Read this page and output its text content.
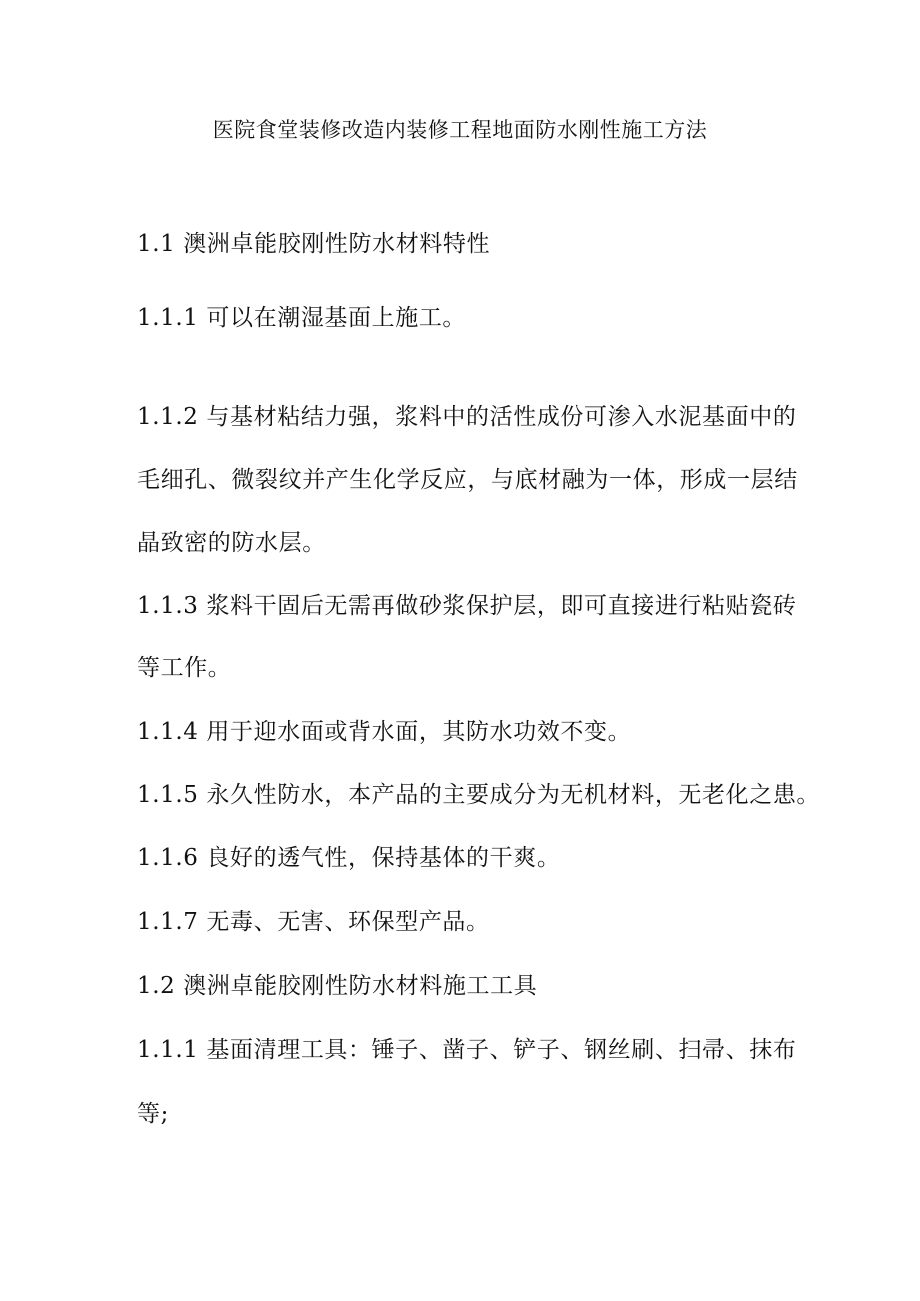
医院食堂装修改造内装修工程地面防水刚性施工方法
1.1 澳洲卓能胶刚性防水材料特性
1.1.1 可以在潮湿基面上施工。
1.1.2 与基材粘结力强，浆料中的活性成份可渗入水泥基面中的
毛细孔、微裂纹并产生化学反应，与底材融为一体，形成一层结
晶致密的防水层。
1.1.3 浆料干固后无需再做砂浆保护层，即可直接进行粘贴瓷砖
等工作。
1.1.4 用于迎水面或背水面，其防水功效不变。
1.1.5 永久性防水，本产品的主要成分为无机材料，无老化之患。
1.1.6 良好的透气性，保持基体的干爽。
1.1.7 无毒、无害、环保型产品。
1.2 澳洲卓能胶刚性防水材料施工工具
1.1.1 基面清理工具：锤子、凿子、铲子、钢丝刷、扫帚、抹布
等;
